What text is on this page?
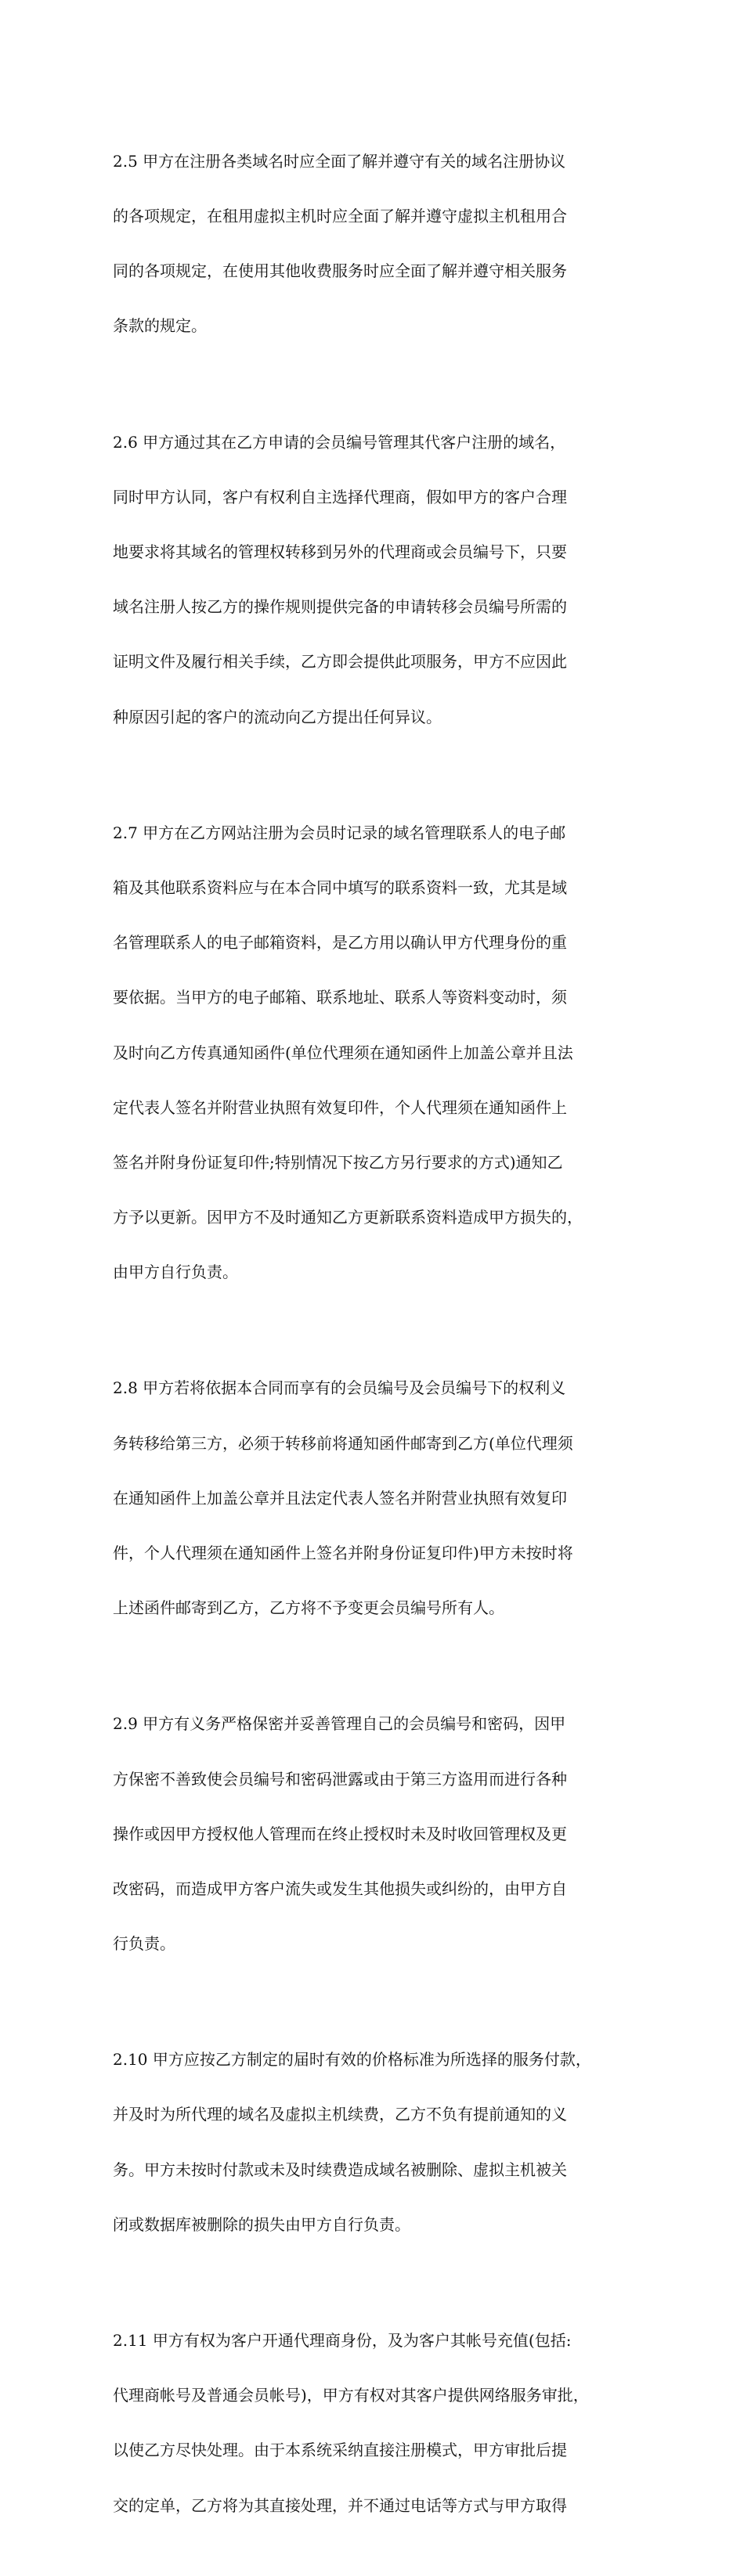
2.5 甲方在注册各类域名时应全面了解并遵守有关的域名注册协议

的各项规定，在租用虚拟主机时应全面了解并遵守虚拟主机租用合

同的各项规定，在使用其他收费服务时应全面了解并遵守相关服务

条款的规定。

2.6 甲方通过其在乙方申请的会员编号管理其代客户注册的域名，

同时甲方认同，客户有权利自主选择代理商，假如甲方的客户合理

地要求将其域名的管理权转移到另外的代理商或会员编号下，只要

域名注册人按乙方的操作规则提供完备的申请转移会员编号所需的

证明文件及履行相关手续，乙方即会提供此项服务，甲方不应因此

种原因引起的客户的流动向乙方提出任何异议。

2.7 甲方在乙方网站注册为会员时记录的域名管理联系人的电子邮

箱及其他联系资料应与在本合同中填写的联系资料一致，尤其是域

名管理联系人的电子邮箱资料，是乙方用以确认甲方代理身份的重

要依据。当甲方的电子邮箱、联系地址、联系人等资料变动时，须

及时向乙方传真通知函件(单位代理须在通知函件上加盖公章并且法

定代表人签名并附营业执照有效复印件，个人代理须在通知函件上

签名并附身份证复印件;特别情况下按乙方另行要求的方式)通知乙

方予以更新。因甲方不及时通知乙方更新联系资料造成甲方损失的，

由甲方自行负责。

2.8 甲方若将依据本合同而享有的会员编号及会员编号下的权利义

务转移给第三方，必须于转移前将通知函件邮寄到乙方(单位代理须

在通知函件上加盖公章并且法定代表人签名并附营业执照有效复印

件，个人代理须在通知函件上签名并附身份证复印件)甲方未按时将

上述函件邮寄到乙方，乙方将不予变更会员编号所有人。

2.9 甲方有义务严格保密并妥善管理自己的会员编号和密码，因甲

方保密不善致使会员编号和密码泄露或由于第三方盗用而进行各种

操作或因甲方授权他人管理而在终止授权时未及时收回管理权及更

改密码，而造成甲方客户流失或发生其他损失或纠纷的，由甲方自

行负责。

2.10 甲方应按乙方制定的届时有效的价格标准为所选择的服务付款，

并及时为所代理的域名及虚拟主机续费，乙方不负有提前通知的义

务。甲方未按时付款或未及时续费造成域名被删除、虚拟主机被关

闭或数据库被删除的损失由甲方自行负责。

2.11 甲方有权为客户开通代理商身份，及为客户其帐号充值(包括:

代理商帐号及普通会员帐号)，甲方有权对其客户提供网络服务审批，

以使乙方尽快处理。由于本系统采纳直接注册模式，甲方审批后提

交的定单，乙方将为其直接处理，并不通过电话等方式与甲方取得
